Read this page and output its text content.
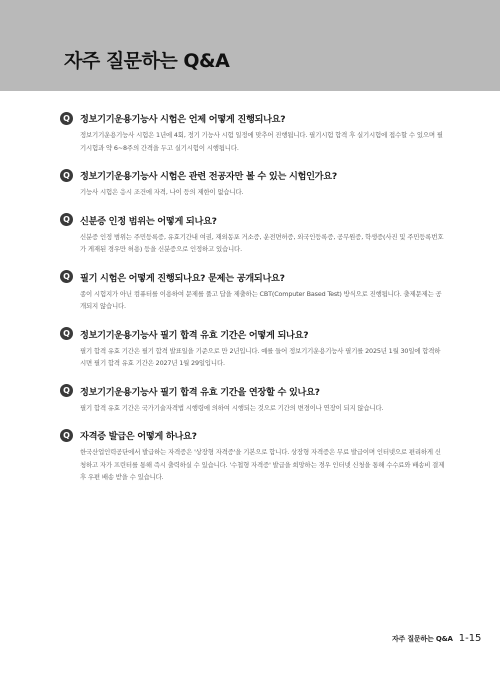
자주 질문하는 Q&A
Q	정보기기운용기능사 시험은 언제 어떻게 진행되나요?
정보기기운용기능사 시험은 1년에 4회, 정기 기능사 시험 일정에 맞추어 진행됩니다. 필기시험 합격 후 실기시험에 접수할 수 있으며 필기시험과 약 6~8주의 간격을 두고 실기시험이 시행됩니다.
Q	정보기기운용기능사 시험은 관련 전공자만 볼 수 있는 시험인가요?
기능사 시험은 응시 조건에 자격, 나이 등의 제한이 없습니다.
Q	신분증 인정 범위는 어떻게 되나요?
신분증 인정 범위는 주민등록증, 유효기간내 여권, 재외동포 거소증, 운전면허증, 외국인등록증, 공무원증, 학생증(사진 및 주민등록번호가 게재된 경우만 허용) 등을 신분증으로 인정하고 있습니다.
Q	필기 시험은 어떻게 진행되나요? 문제는 공개되나요?
종이 시험지가 아닌 컴퓨터를 이용하여 문제를 풀고 답을 제출하는 CBT(Computer Based Test) 방식으로 진행됩니다. 출제문제는 공개되지 않습니다.
Q	정보기기운용기능사 필기 합격 유효 기간은 어떻게 되나요?
필기 합격 유효 기간은 필기 합격 발표일을 기준으로 만 2년입니다. 예를 들어 정보기기운용기능사 필기를 2025년 1월 30일에 합격하시면 필기 합격 유효 기간은 2027년 1월 29일입니다.
Q	정보기기운용기능사 필기 합격 유효 기간을 연장할 수 있나요?
필기 합격 유효 기간은 국가기술자격법 시행령에 의하여 시행되는 것으로 기간의 변경이나 연장이 되지 않습니다.
Q	자격증 발급은 어떻게 하나요?
한국산업인력공단에서 발급하는 자격증은 '상장형 자격증'을 기본으로 합니다. 상장형 자격증은 무료 발급이며 인터넷으로 편리하게 신청하고 자가 프린터를 통해 즉시 출력하실 수 있습니다. '수첩형 자격증' 발급을 희망하는 경우 인터넷 신청을 통해 수수료와 배송비 결제 후 우편 배송 받을 수 있습니다.
자주 질문하는 Q&A 1-15
